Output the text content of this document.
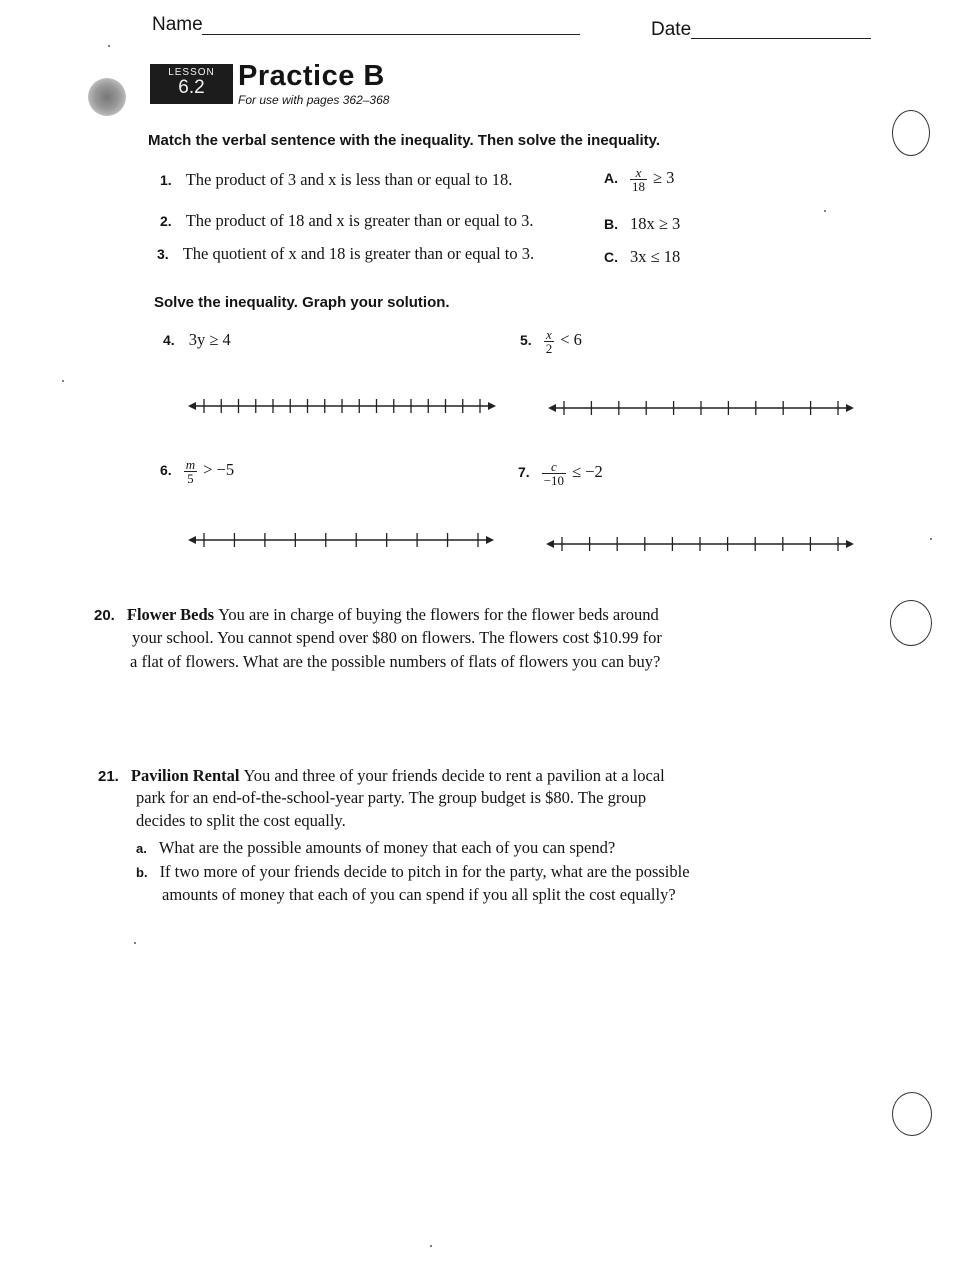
Name	Date
LESSON
6.2	Practice B
For use with pages 362–368
Match the verbal sentence with the inequality. Then solve the inequality.
1. The product of 3 and x is less than or equal to 18.
2. The product of 18 and x is greater than or equal to 3.
3. The quotient of x and 18 is greater than or equal to 3.
A. $\frac{x}{18} \ge 3$
B. 18x ≥ 3
C. 3x ≤ 18
Solve the inequality. Graph your solution.
4. 3y ≥ 4	5. $\frac{x}{2} < 6$
6. $\frac{m}{5} > -5$	7. $\frac{c}{-10} \le -2$
20. Flower Beds You are in charge of buying the flowers for the flower beds around
your school. You cannot spend over $80 on flowers. The flowers cost $10.99 for
a flat of flowers. What are the possible numbers of flats of flowers you can buy?
21. Pavilion Rental You and three of your friends decide to rent a pavilion at a local
park for an end-of-the-school-year party. The group budget is $80. The group
decides to split the cost equally.
a. What are the possible amounts of money that each of you can spend?
b. If two more of your friends decide to pitch in for the party, what are the possible
amounts of money that each of you can spend if you all split the cost equally?
